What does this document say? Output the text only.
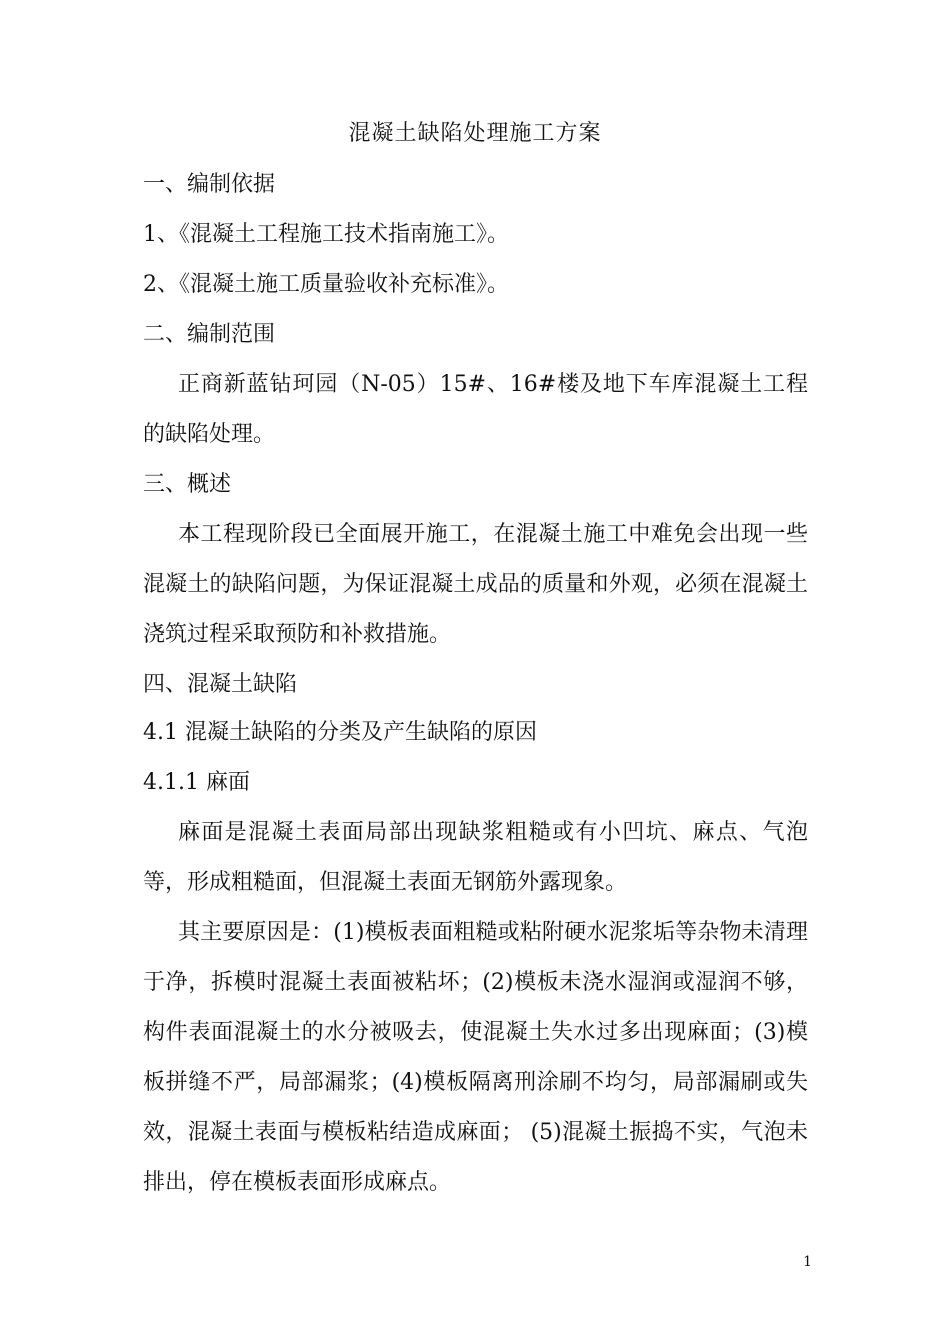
混凝土缺陷处理施工方案
一、编制依据
1、《混凝土工程施工技术指南施工》。
2、《混凝土施工质量验收补充标准》。
二、编制范围
正商新蓝钻珂园（N-05）15#、16#楼及地下车库混凝土工程的缺陷处理。
三、概述
本工程现阶段已全面展开施工，在混凝土施工中难免会出现一些混凝土的缺陷问题，为保证混凝土成品的质量和外观，必须在混凝土浇筑过程采取预防和补救措施。
四、混凝土缺陷
4.1 混凝土缺陷的分类及产生缺陷的原因
4.1.1 麻面
麻面是混凝土表面局部出现缺浆粗糙或有小凹坑、麻点、气泡等，形成粗糙面，但混凝土表面无钢筋外露现象。
其主要原因是：(1)模板表面粗糙或粘附硬水泥浆垢等杂物未清理于净，拆模时混凝土表面被粘坏；(2)模板未浇水湿润或湿润不够，构件表面混凝土的水分被吸去，使混凝土失水过多出现麻面；(3)模板拼缝不严，局部漏浆；(4)模板隔离刑涂刷不均匀，局部漏刷或失效，混凝土表面与模板粘结造成麻面； (5)混凝土振捣不实，气泡未排出，停在模板表面形成麻点。
1
